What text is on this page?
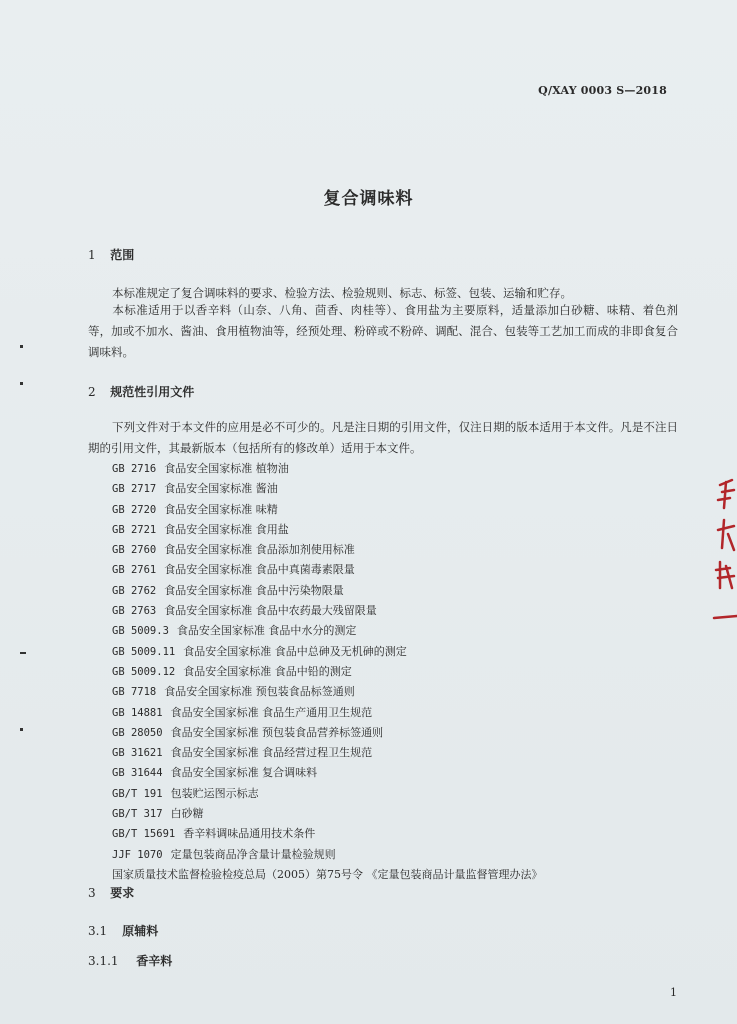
Q/XAY 0003 S—2018
复合调味料
1 范围
本标准规定了复合调味料的要求、检验方法、检验规则、标志、标签、包装、运输和贮存。
本标准适用于以香辛料（山奈、八角、茴香、肉桂等）、食用盐为主要原料，适量添加白砂糖、味精、着色剂等，加或不加水、酱油、食用植物油等，经预处理、粉碎或不粉碎、调配、混合、包装等工艺加工而成的非即食复合调味料。
2 规范性引用文件
下列文件对于本文件的应用是必不可少的。凡是注日期的引用文件，仅注日期的版本适用于本文件。凡是不注日期的引用文件，其最新版本（包括所有的修改单）适用于本文件。
GB 2716 食品安全国家标准 植物油
GB 2717 食品安全国家标准 酱油
GB 2720 食品安全国家标准 味精
GB 2721 食品安全国家标准 食用盐
GB 2760 食品安全国家标准 食品添加剂使用标准
GB 2761 食品安全国家标准 食品中真菌毒素限量
GB 2762 食品安全国家标准 食品中污染物限量
GB 2763 食品安全国家标准 食品中农药最大残留限量
GB 5009.3 食品安全国家标准 食品中水分的测定
GB 5009.11 食品安全国家标准 食品中总砷及无机砷的测定
GB 5009.12 食品安全国家标准 食品中铅的测定
GB 7718 食品安全国家标准 预包装食品标签通则
GB 14881 食品安全国家标准 食品生产通用卫生规范
GB 28050 食品安全国家标准 预包装食品营养标签通则
GB 31621 食品安全国家标准 食品经营过程卫生规范
GB 31644 食品安全国家标准 复合调味料
GB/T 191 包装贮运图示标志
GB/T 317 白砂糖
GB/T 15691 香辛料调味品通用技术条件
JJF 1070 定量包装商品净含量计量检验规则
国家质量技术监督检验检疫总局（2005）第75号令 《定量包装商品计量监督管理办法》
3 要求
3.1 原辅料
3.1.1 香辛料
1
